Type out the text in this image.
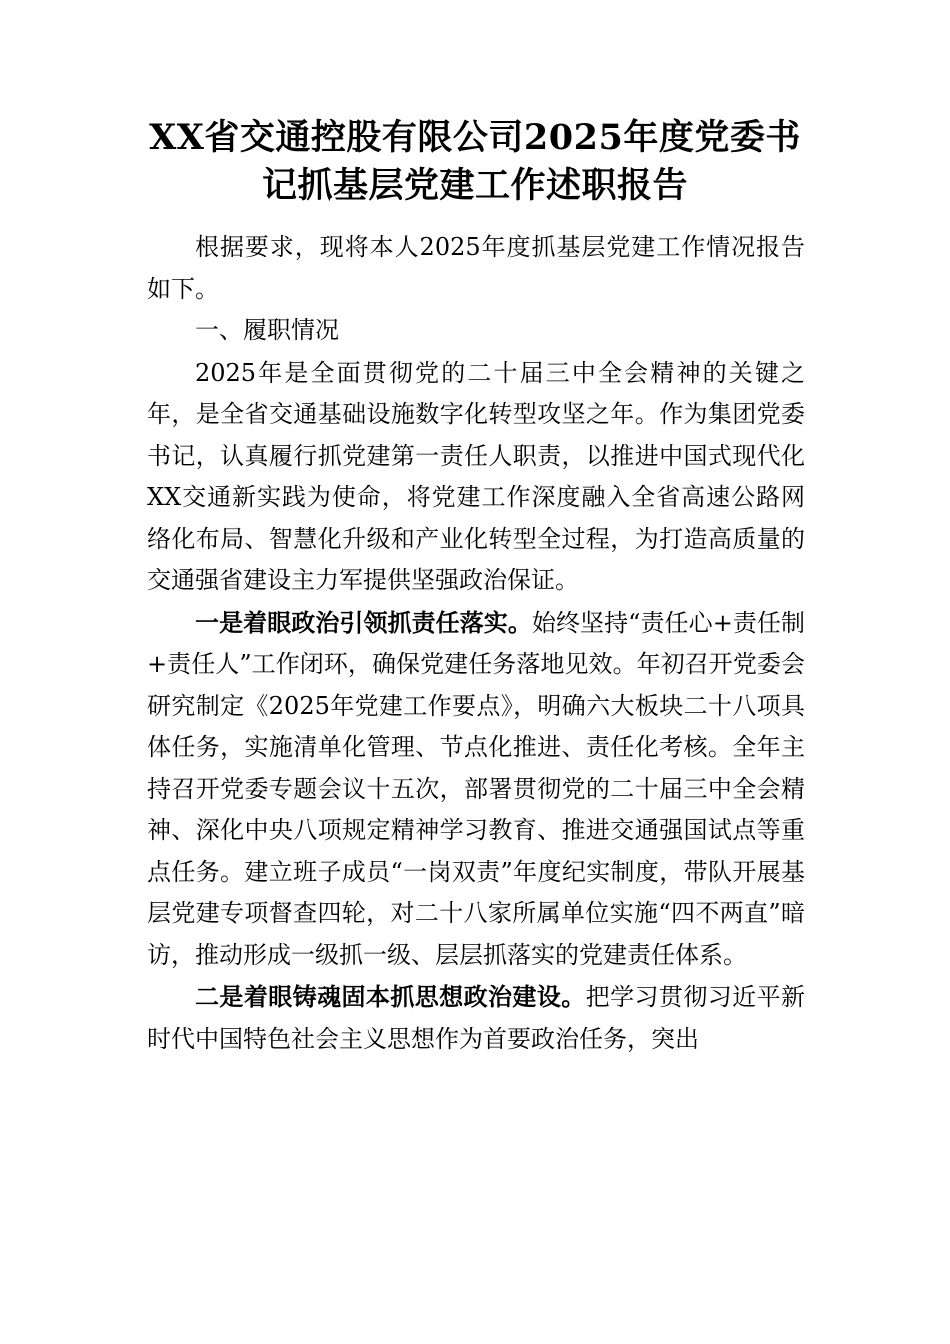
XX省交通控股有限公司2025年度党委书记抓基层党建工作述职报告

根据要求，现将本人2025年度抓基层党建工作情况报告如下。

一、履职情况

2025年是全面贯彻党的二十届三中全会精神的关键之年，是全省交通基础设施数字化转型攻坚之年。作为集团党委书记，认真履行抓党建第一责任人职责，以推进中国式现代化XX交通新实践为使命，将党建工作深度融入全省高速公路网络化布局、智慧化升级和产业化转型全过程，为打造高质量的交通强省建设主力军提供坚强政治保证。

一是着眼政治引领抓责任落实。始终坚持“责任心+责任制+责任人”工作闭环，确保党建任务落地见效。年初召开党委会研究制定《2025年党建工作要点》，明确六大板块二十八项具体任务，实施清单化管理、节点化推进、责任化考核。全年主持召开党委专题会议十五次，部署贯彻党的二十届三中全会精神、深化中央八项规定精神学习教育、推进交通强国试点等重点任务。建立班子成员“一岗双责”年度纪实制度，带队开展基层党建专项督查四轮，对二十八家所属单位实施“四不两直”暗访，推动形成一级抓一级、层层抓落实的党建责任体系。

二是着眼铸魂固本抓思想政治建设。把学习贯彻习近平新时代中国特色社会主义思想作为首要政治任务，突出
